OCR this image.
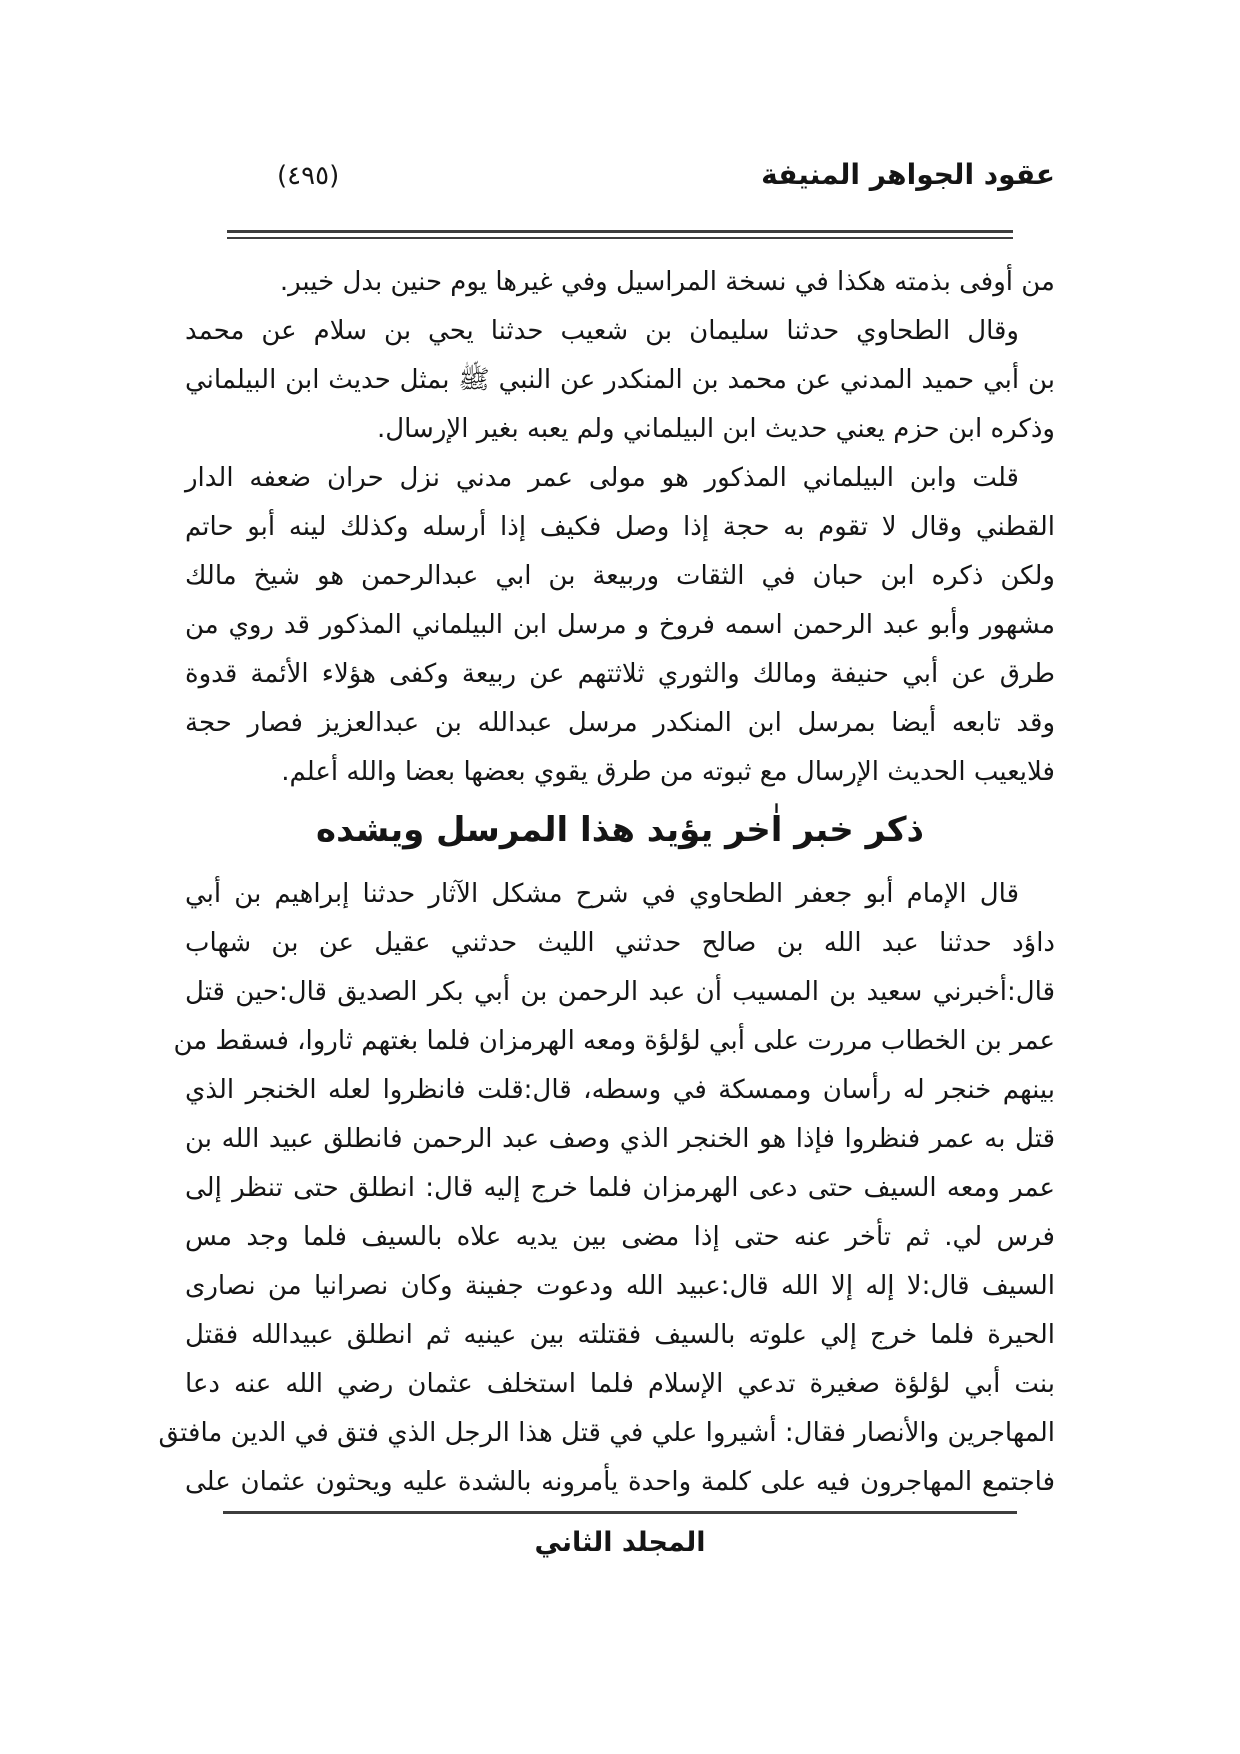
عقود الجواهر المنيفة
(٤٩٥)
من أوفى بذمته هكذا في نسخة المراسيل وفي غيرها يوم حنين بدل خيبر.
وقال الطحاوي حدثنا سليمان بن شعيب حدثنا يحي بن سلام عن محمد
بن أبي حميد المدني عن محمد بن المنكدر عن النبي ﷺ بمثل حديث ابن البيلماني
وذكره ابن حزم يعني حديث ابن البيلماني ولم يعبه بغير الإرسال.
قلت وابن البيلماني المذكور هو مولى عمر مدني نزل حران ضعفه الدار
القطني وقال لا تقوم به حجة إذا وصل فكيف إذا أرسله وكذلك لينه أبو حاتم
ولكن ذكره ابن حبان في الثقات وربيعة بن ابي عبدالرحمن هو شيخ مالك
مشهور وأبو عبد الرحمن اسمه فروخ و مرسل ابن البيلماني المذكور قد روي من
طرق عن أبي حنيفة ومالك والثوري ثلاثتهم عن ربيعة وكفى هؤلاء الأئمة قدوة
وقد تابعه أيضا بمرسل ابن المنكدر مرسل عبدالله بن عبدالعزيز فصار حجة
فلايعيب الحديث الإرسال مع ثبوته من طرق يقوي بعضها بعضا والله أعلم.
ذكر خبر اٰخر يؤيد هذا المرسل ويشده
قال الإمام أبو جعفر الطحاوي في شرح مشكل الآثار حدثنا إبراهيم بن أبي
داؤد حدثنا عبد الله بن صالح حدثني الليث حدثني عقيل عن بن شهاب
قال:أخبرني سعيد بن المسيب أن عبد الرحمن بن أبي بكر الصديق قال:حين قتل
عمر بن الخطاب مررت على أبي لؤلؤة ومعه الهرمزان فلما بغتهم ثاروا، فسقط من
بينهم خنجر له رأسان وممسكة في وسطه، قال:قلت فانظروا لعله الخنجر الذي
قتل به عمر فنظروا فإذا هو الخنجر الذي وصف عبد الرحمن فانطلق عبيد الله بن
عمر ومعه السيف حتى دعى الهرمزان فلما خرج إليه قال: انطلق حتى تنظر إلى
فرس لي. ثم تأخر عنه حتى إذا مضى بين يديه علاه بالسيف فلما وجد مس
السيف قال:لا إله إلا الله قال:عبيد الله ودعوت جفينة وكان نصرانيا من نصارى
الحيرة فلما خرج إلي علوته بالسيف فقتلته بين عينيه ثم انطلق عبيدالله فقتل
بنت أبي لؤلؤة صغيرة تدعي الإسلام فلما استخلف عثمان رضي الله عنه دعا
المهاجرين والأنصار فقال: أشيروا علي في قتل هذا الرجل الذي فتق في الدين مافتق
فاجتمع المهاجرون فيه على كلمة واحدة يأمرونه بالشدة عليه ويحثون عثمان على
المجلد الثاني
